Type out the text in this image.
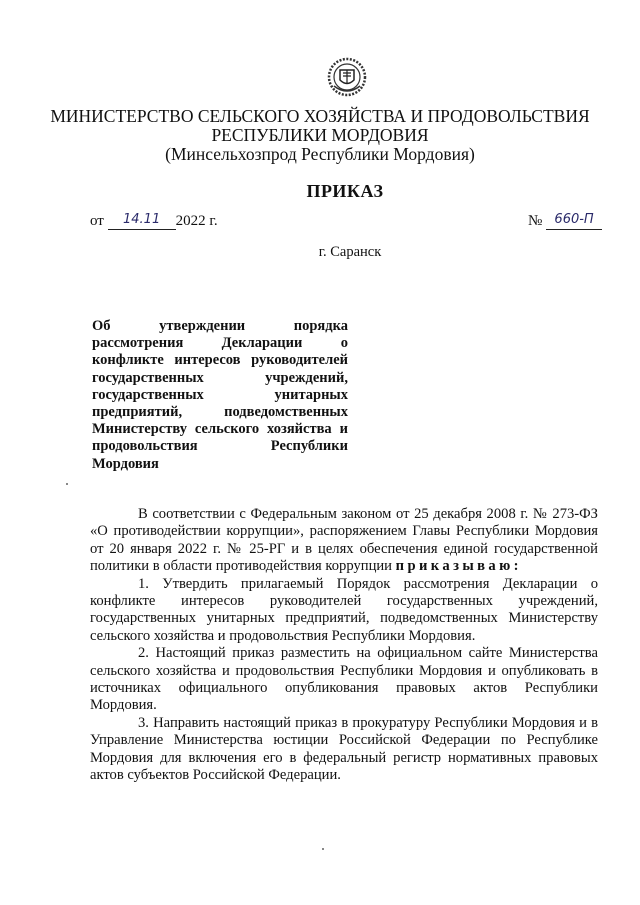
МИНИСТЕРСТВО СЕЛЬСКОГО ХОЗЯЙСТВА И ПРОДОВОЛЬСТВИЯ
РЕСПУБЛИКИ МОРДОВИЯ
(Минсельхозпрод Республики Мордовия)
ПРИКАЗ
от 14.11 2022 г.	№ 660-П
г. Саранск
Об утверждении порядка
рассмотрения Декларации о
конфликте интересов руководителей
государственных учреждений,
государственных унитарных
предприятий, подведомственных
Министерству сельского хозяйства и
продовольствия Республики
Мордовия

В соответствии с Федеральным законом от 25 декабря 2008 г. № 273-ФЗ «О противодействии коррупции», распоряжением Главы Республики Мордовия от 20 января 2022 г. № 25-РГ и в целях обеспечения единой государственной политики в области противодействия коррупции приказываю:

1. Утвердить прилагаемый Порядок рассмотрения Декларации о конфликте интересов руководителей государственных учреждений, государственных унитарных предприятий, подведомственных Министерству сельского хозяйства и продовольствия Республики Мордовия.

2. Настоящий приказ разместить на официальном сайте Министерства сельского хозяйства и продовольствия Республики Мордовия и опубликовать в источниках официального опубликования правовых актов Республики Мордовия.

3. Направить настоящий приказ в прокуратуру Республики Мордовия и в Управление Министерства юстиции Российской Федерации по Республике Мордовия для включения его в федеральный регистр нормативных правовых актов субъектов Российской Федерации.
